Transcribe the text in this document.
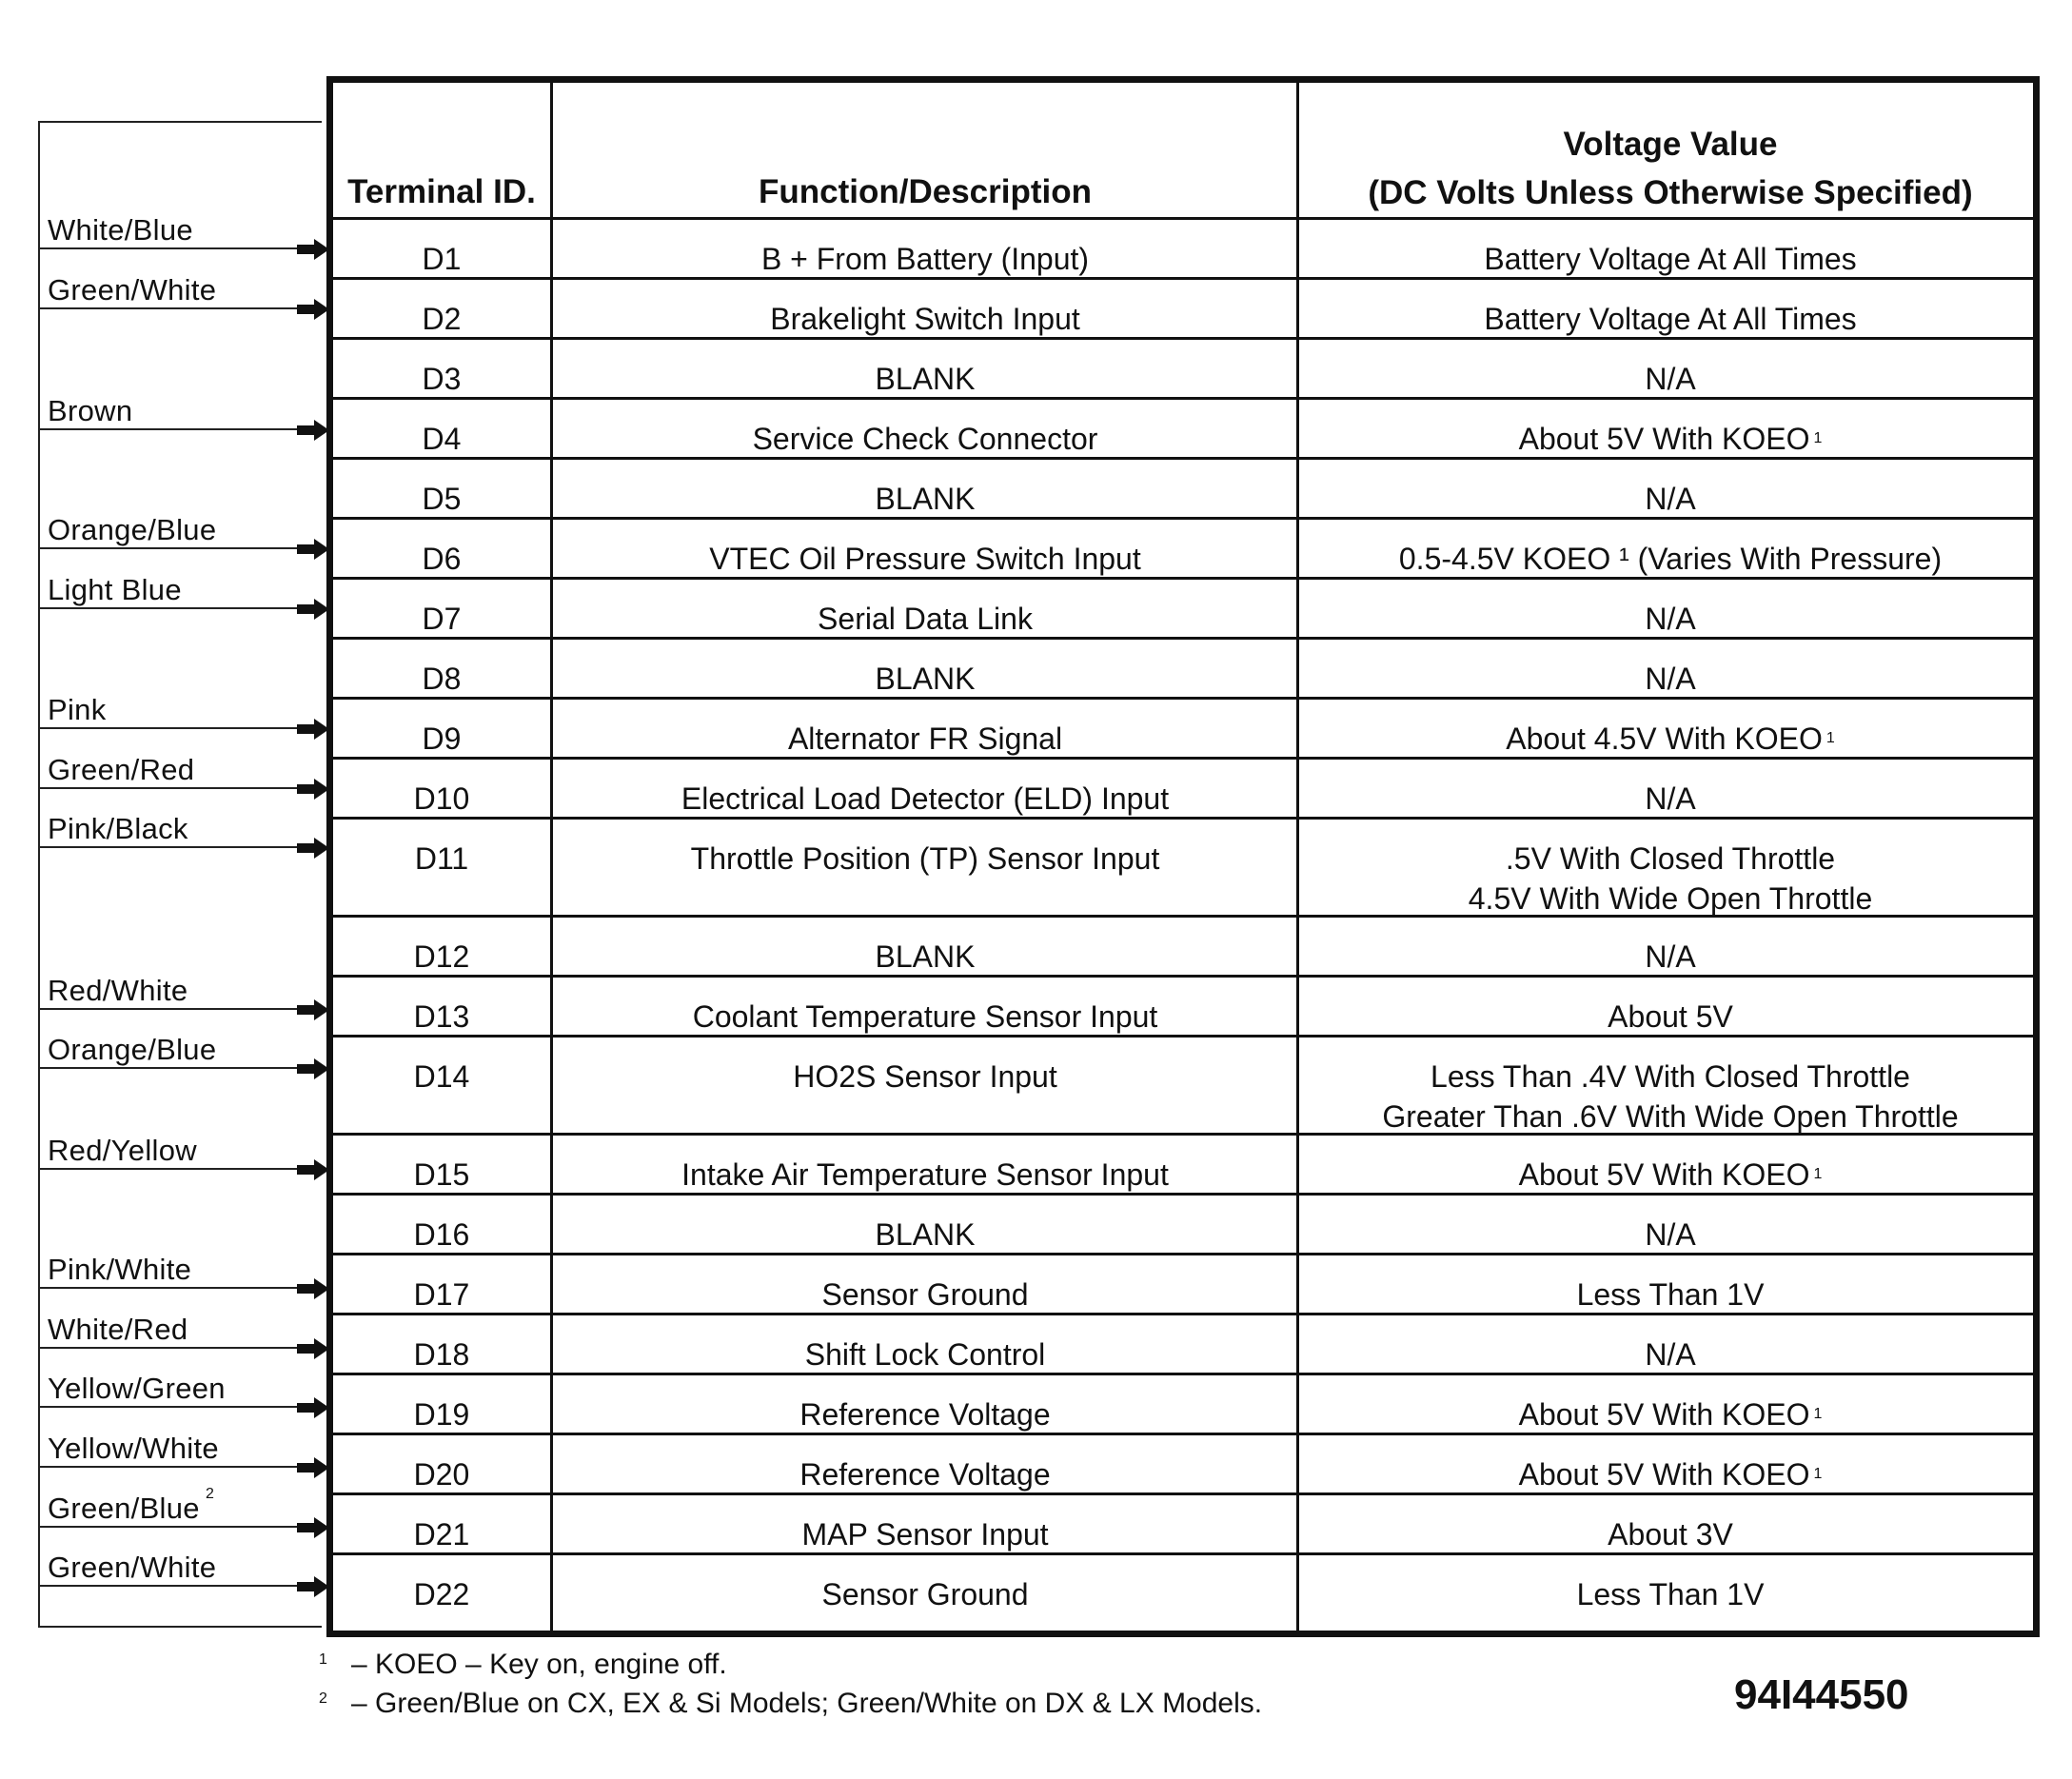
White/Blue
Green/White
Brown
Orange/Blue
Light Blue
Pink
Green/Red
Pink/Black
Red/White
Orange/Blue
Red/Yellow
Pink/White
White/Red
Yellow/Green
Yellow/White
Green/Blue 2
Green/White
Terminal ID.	Function/Description
Voltage Value
(DC Volts Unless Otherwise Specified)
D1	B + From Battery (Input)	Battery Voltage At All Times
D2	Brakelight Switch Input	Battery Voltage At All Times
D3	BLANK	N/A
D4	Service Check Connector	About 5V With KOEO 1
D5	BLANK	N/A
D6	VTEC Oil Pressure Switch Input	0.5-4.5V KOEO ¹ (Varies With Pressure)
D7	Serial Data Link	N/A
D8	BLANK	N/A
D9	Alternator FR Signal	About 4.5V With KOEO 1
D10	Electrical Load Detector (ELD) Input	N/A
D11	Throttle Position (TP) Sensor Input	.5V With Closed Throttle
4.5V With Wide Open Throttle
D12	BLANK	N/A
D13	Coolant Temperature Sensor Input	About 5V
D14	HO2S Sensor Input	Less Than .4V With Closed Throttle
Greater Than .6V With Wide Open Throttle
D15	Intake Air Temperature Sensor Input	About 5V With KOEO 1
D16	BLANK	N/A
D17	Sensor Ground	Less Than 1V
D18	Shift Lock Control	N/A
D19	Reference Voltage	About 5V With KOEO 1
D20	Reference Voltage	About 5V With KOEO 1
D21	MAP Sensor Input	About 3V
D22	Sensor Ground	Less Than 1V
1 – KOEO – Key on, engine off.
2 – Green/Blue on CX, EX & Si Models; Green/White on DX & LX Models.	94I44550
